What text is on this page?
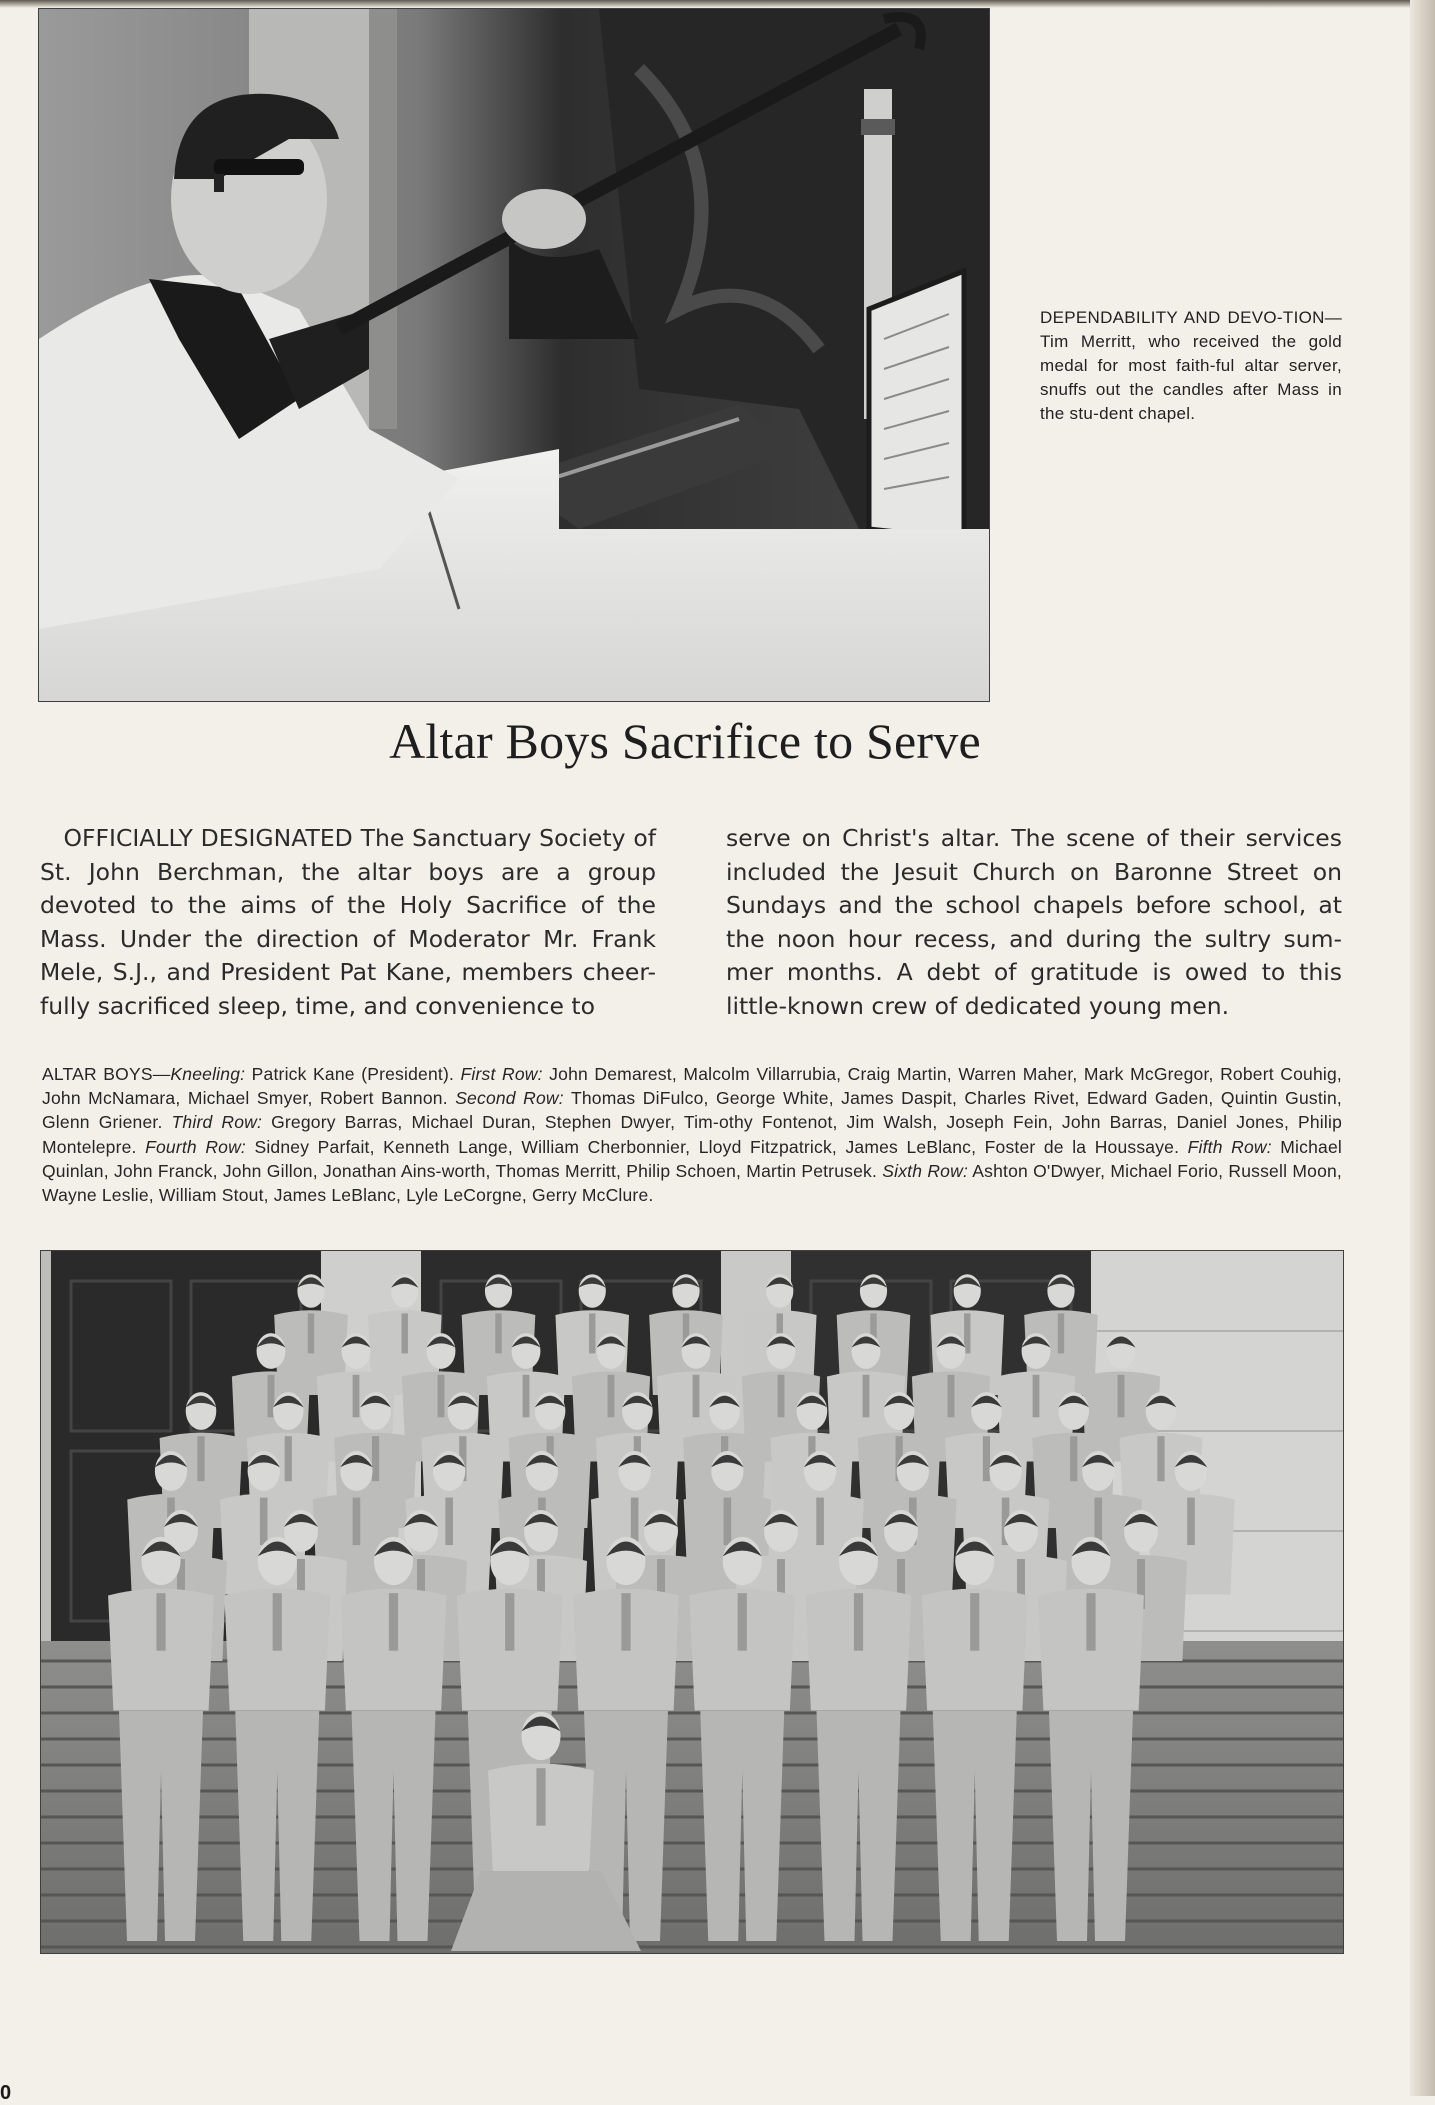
DEPENDABILITY AND DEVO-TION—Tim Merritt, who received the gold medal for most faith-ful altar server, snuffs out the candles after Mass in the stu-dent chapel.
Altar Boys Sacrifice to Serve
OFFICIALLY DESIGNATED The Sanctuary Society of St. John Berchman, the altar boys are a group devoted to the aims of the Holy Sacrifice of the Mass. Under the direction of Moderator Mr. Frank Mele, S.J., and President Pat Kane, members cheer-fully sacrificed sleep, time, and convenience to
serve on Christ's altar. The scene of their services included the Jesuit Church on Baronne Street on Sundays and the school chapels before school, at the noon hour recess, and during the sultry sum-mer months. A debt of gratitude is owed to this little-known crew of dedicated young men.
ALTAR BOYS—Kneeling: Patrick Kane (President). First Row: John Demarest, Malcolm Villarrubia, Craig Martin, Warren Maher, Mark McGregor, Robert Couhig, John McNamara, Michael Smyer, Robert Bannon. Second Row: Thomas DiFulco, George White, James Daspit, Charles Rivet, Edward Gaden, Quintin Gustin, Glenn Griener. Third Row: Gregory Barras, Michael Duran, Stephen Dwyer, Tim-othy Fontenot, Jim Walsh, Joseph Fein, John Barras, Daniel Jones, Philip Montelepre. Fourth Row: Sidney Parfait, Kenneth Lange, William Cherbonnier, Lloyd Fitzpatrick, James LeBlanc, Foster de la Houssaye. Fifth Row: Michael Quinlan, John Franck, John Gillon, Jonathan Ains-worth, Thomas Merritt, Philip Schoen, Martin Petrusek. Sixth Row: Ashton O'Dwyer, Michael Forio, Russell Moon, Wayne Leslie, William Stout, James LeBlanc, Lyle LeCorgne, Gerry McClure.
0
